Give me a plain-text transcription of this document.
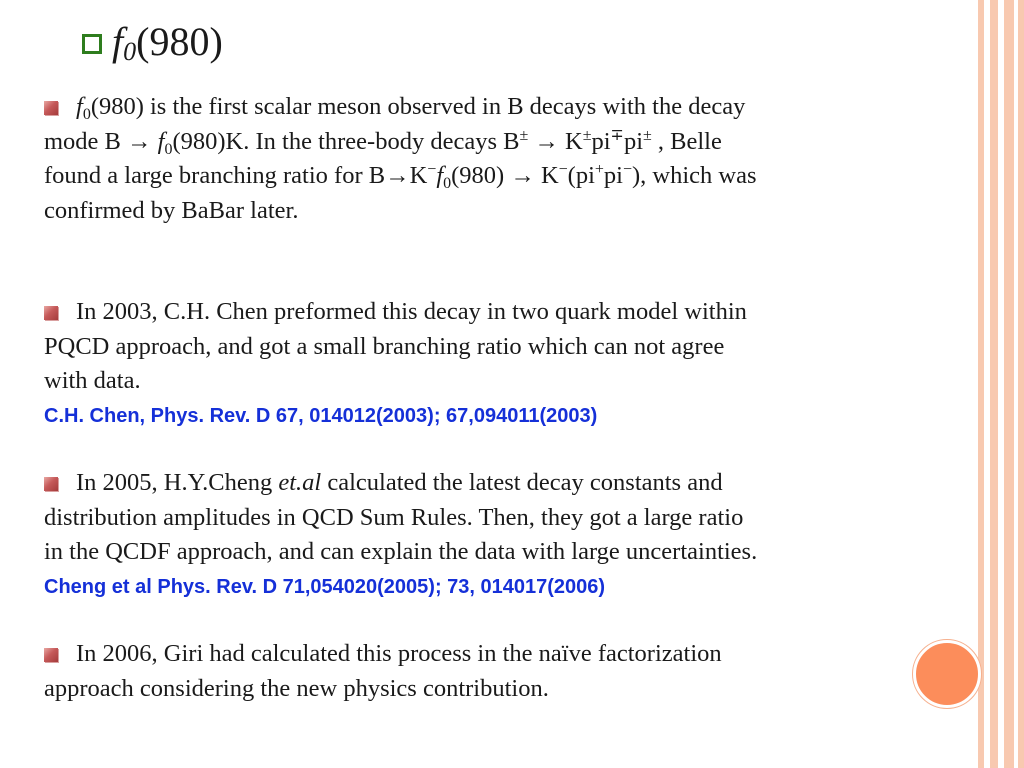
f 0 (980)
$f_0(980)$ is the first scalar meson observed in B decays with the decay
mode $B \to f_0(980)K$. In the three-body decays B± → K±pi∓pi± , Belle
found a large branching ratio for $B\to K^-f_0(980) \to K^-(pi^+pi^-)$, which was
confirmed by BaBar later.
In 2003, C.H. Chen preformed this decay in two quark model within
PQCD approach, and got a small branching ratio which can not agree
with data.
C.H. Chen, Phys. Rev. D 67, 014012(2003); 67,094011(2003)
In 2005, H.Y.Cheng et.al calculated the latest decay constants and
distribution amplitudes in QCD Sum Rules. Then, they got a large ratio
in the QCDF approach, and can explain the data with large uncertainties.
Cheng et al Phys. Rev. D 71,054020(2005); 73, 014017(2006)
In 2006, Giri had calculated this process in the naïve factorization
approach considering the new physics contribution.
